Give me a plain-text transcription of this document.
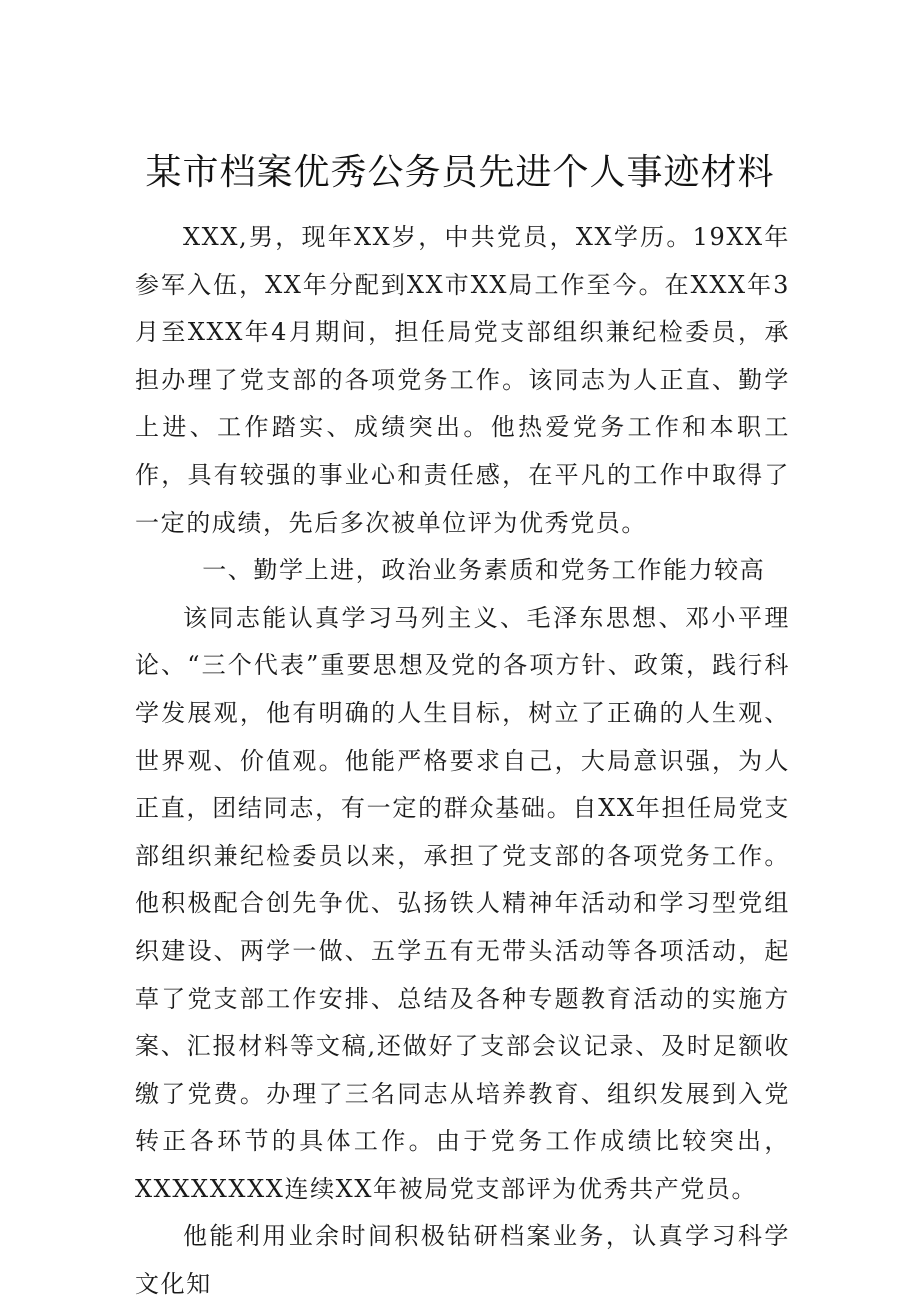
某市档案优秀公务员先进个人事迹材料

XXX,男，现年XX岁，中共党员，XX学历。19XX年参军入伍，XX年分配到XX市XX局工作至今。在XXX年3月至XXX年4月期间，担任局党支部组织兼纪检委员，承担办理了党支部的各项党务工作。该同志为人正直、勤学上进、工作踏实、成绩突出。他热爱党务工作和本职工作，具有较强的事业心和责任感，在平凡的工作中取得了一定的成绩，先后多次被单位评为优秀党员。

一、勤学上进，政治业务素质和党务工作能力较高

该同志能认真学习马列主义、毛泽东思想、邓小平理论、“三个代表”重要思想及党的各项方针、政策，践行科学发展观，他有明确的人生目标，树立了正确的人生观、世界观、价值观。他能严格要求自己，大局意识强，为人正直，团结同志，有一定的群众基础。自XX年担任局党支部组织兼纪检委员以来，承担了党支部的各项党务工作。他积极配合创先争优、弘扬铁人精神年活动和学习型党组织建设、两学一做、五学五有无带头活动等各项活动，起草了党支部工作安排、总结及各种专题教育活动的实施方案、汇报材料等文稿,还做好了支部会议记录、及时足额收缴了党费。办理了三名同志从培养教育、组织发展到入党转正各环节的具体工作。由于党务工作成绩比较突出，XXXXXXXX连续XX年被局党支部评为优秀共产党员。

他能利用业余时间积极钻研档案业务，认真学习科学文化知
